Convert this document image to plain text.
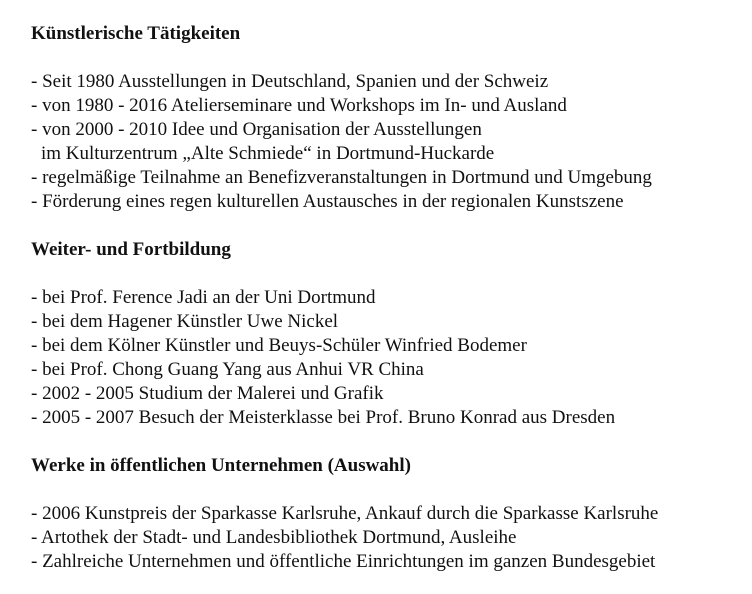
Künstlerische Tätigkeiten
- Seit 1980 Ausstellungen in Deutschland, Spanien und der Schweiz
- von 1980 - 2016 Atelierseminare und Workshops im In- und Ausland
- von 2000 - 2010 Idee und Organisation der Ausstellungen
im Kulturzentrum „Alte Schmiede“ in Dortmund-Huckarde
- regelmäßige Teilnahme an Benefizveranstaltungen in Dortmund und Umgebung
- Förderung eines regen kulturellen Austausches in der regionalen Kunstszene
Weiter- und Fortbildung
- bei Prof. Ference Jadi an der Uni Dortmund
- bei dem Hagener Künstler Uwe Nickel
- bei dem Kölner Künstler und Beuys-Schüler Winfried Bodemer
- bei Prof. Chong Guang Yang aus Anhui VR China
- 2002 - 2005 Studium der Malerei und Grafik
- 2005 - 2007 Besuch der Meisterklasse bei Prof. Bruno Konrad aus Dresden
Werke in öffentlichen Unternehmen (Auswahl)
- 2006 Kunstpreis der Sparkasse Karlsruhe, Ankauf durch die Sparkasse Karlsruhe
- Artothek der Stadt- und Landesbibliothek Dortmund, Ausleihe
- Zahlreiche Unternehmen und öffentliche Einrichtungen im ganzen Bundesgebiet
